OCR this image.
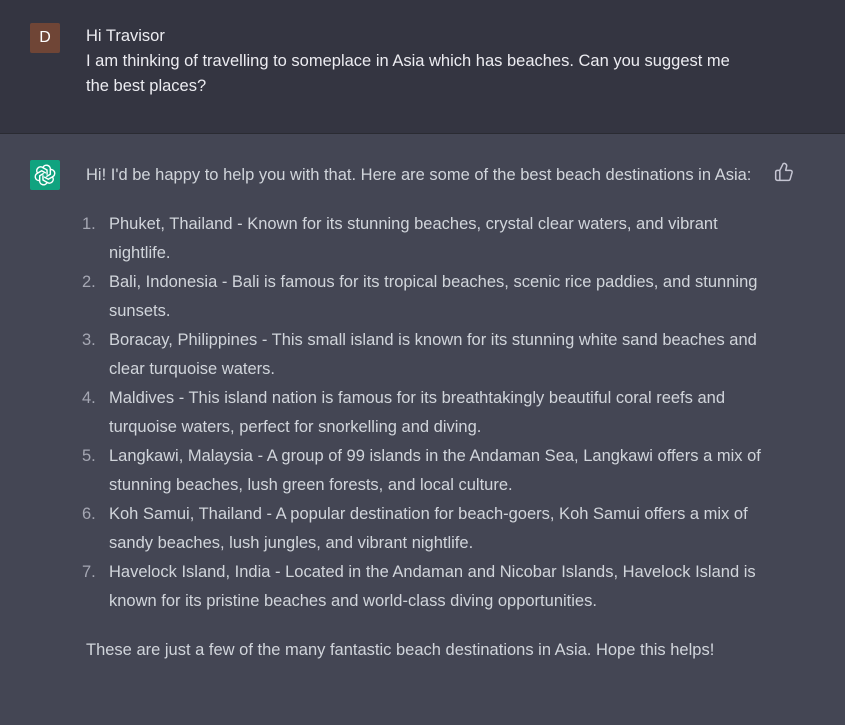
D	Hi Travisor
I am thinking of travelling to someplace in Asia which has beaches. Can you suggest me
the best places?

Hi! I'd be happy to help you with that. Here are some of the best beach destinations in Asia:

1. Phuket, Thailand - Known for its stunning beaches, crystal clear waters, and vibrant nightlife.
2. Bali, Indonesia - Bali is famous for its tropical beaches, scenic rice paddies, and stunning sunsets.
3. Boracay, Philippines - This small island is known for its stunning white sand beaches and clear turquoise waters.
4. Maldives - This island nation is famous for its breathtakingly beautiful coral reefs and turquoise waters, perfect for snorkelling and diving.
5. Langkawi, Malaysia - A group of 99 islands in the Andaman Sea, Langkawi offers a mix of stunning beaches, lush green forests, and local culture.
6. Koh Samui, Thailand - A popular destination for beach-goers, Koh Samui offers a mix of sandy beaches, lush jungles, and vibrant nightlife.
7. Havelock Island, India - Located in the Andaman and Nicobar Islands, Havelock Island is known for its pristine beaches and world-class diving opportunities.

These are just a few of the many fantastic beach destinations in Asia. Hope this helps!
